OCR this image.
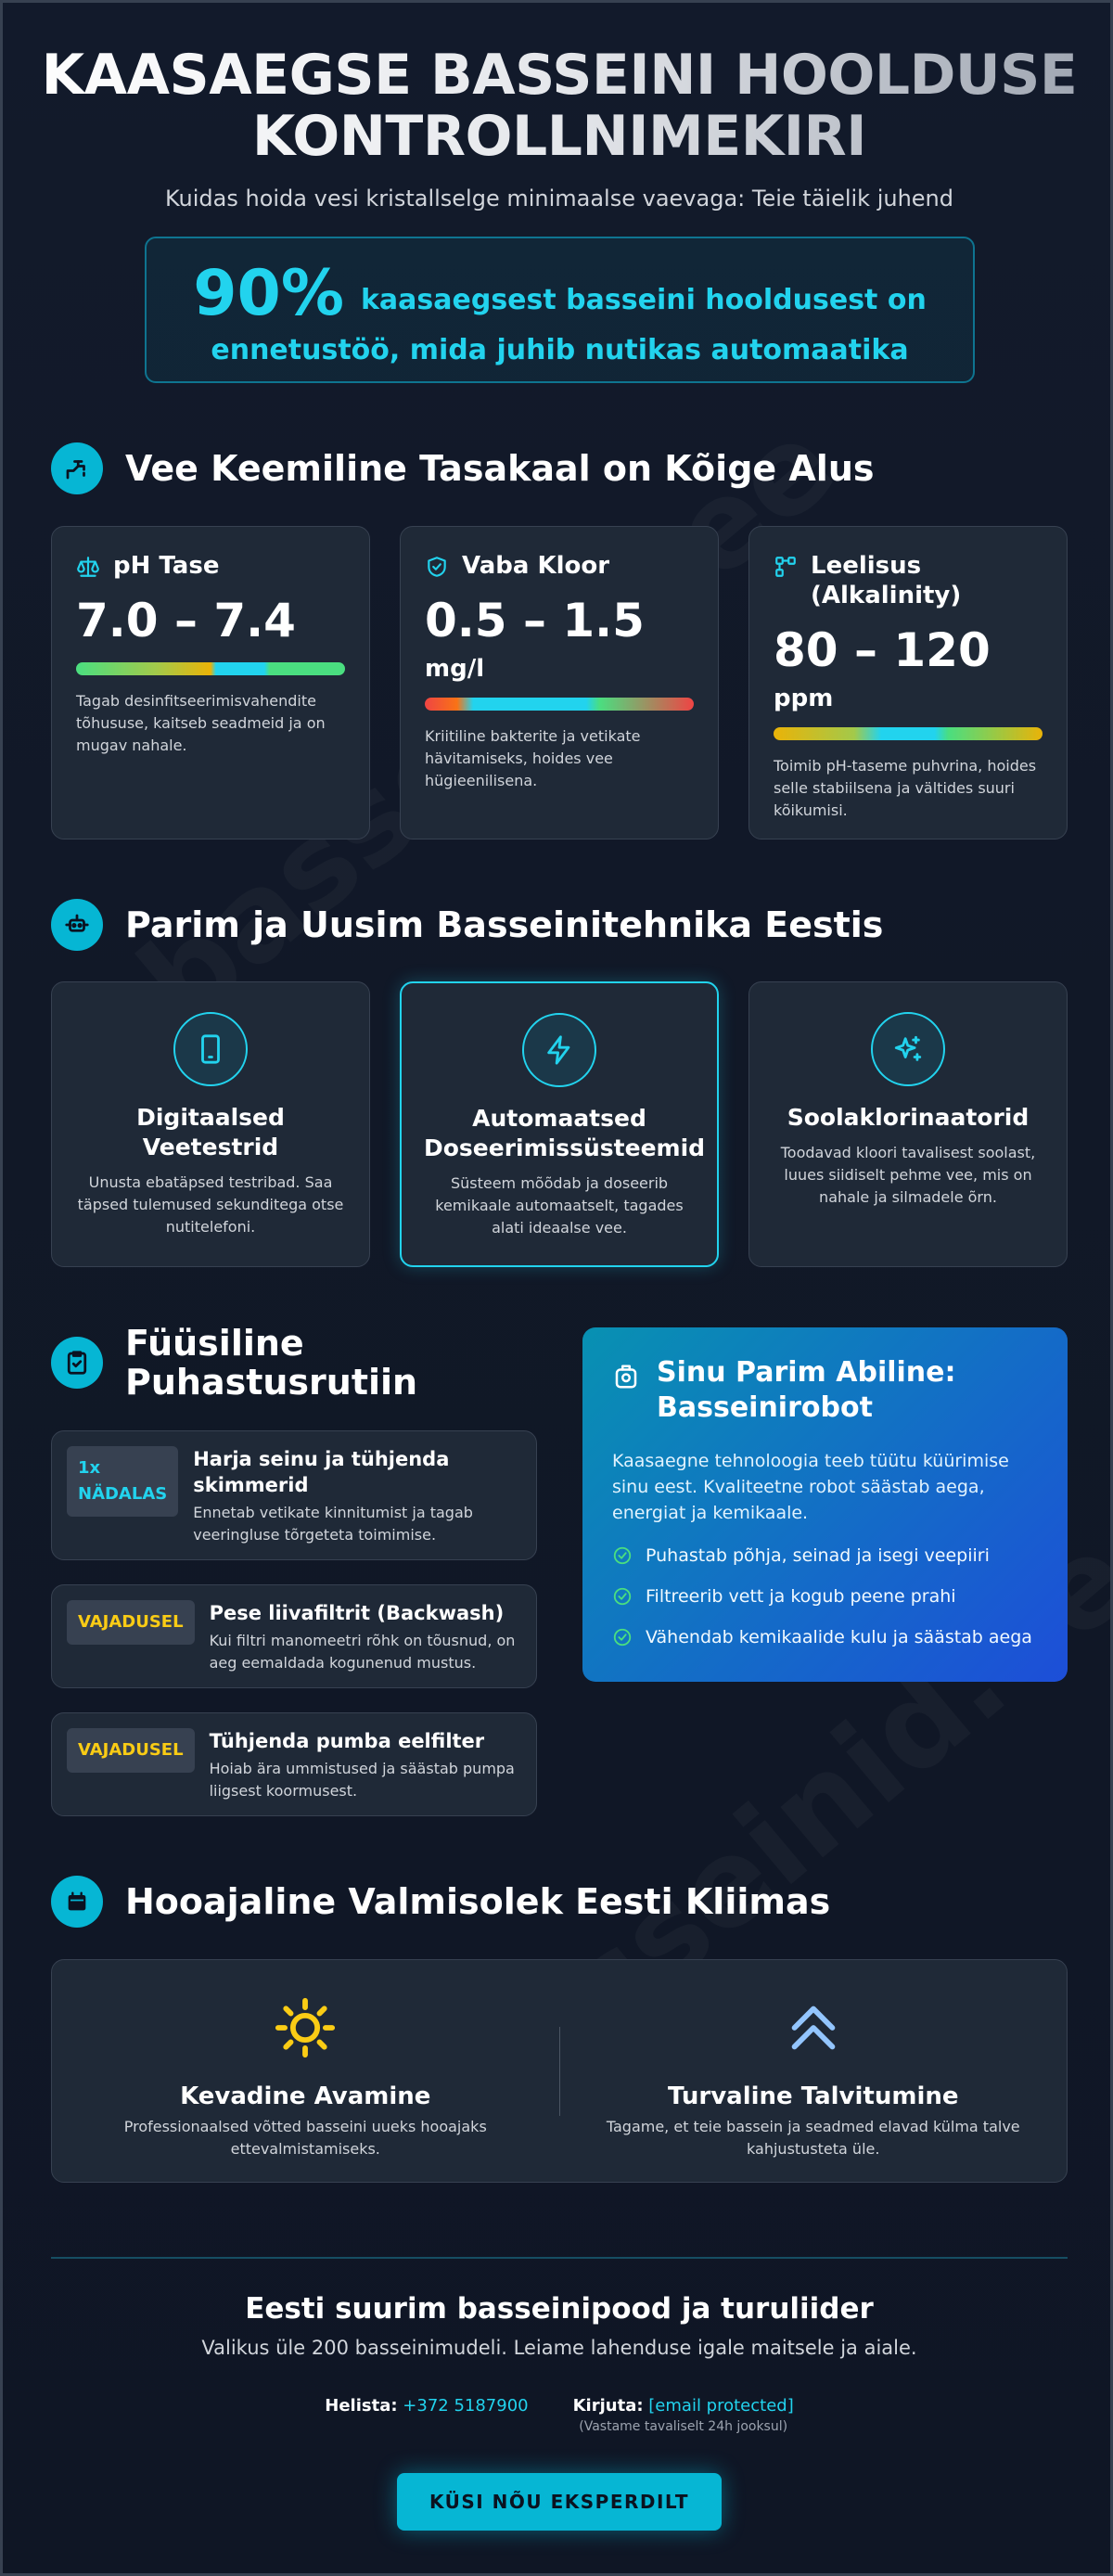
KAASAEGSE BASSEINI HOOLDUSE
KONTROLLNIMEKIRI
Kuidas hoida vesi kristallselge minimaalse vaevaga: Teie täielik juhend
90% kaasaegsest basseini hooldusest on
ennetustöö, mida juhib nutikas automaatika
Vee Keemiline Tasakaal on Kõige Alus
pH Tase
7.0 – 7.4
Tagab desinfitseerimisvahendite tõhususe, kaitseb seadmeid ja on mugav nahale.
Vaba Kloor
0.5 – 1.5
mg/l
Kriitiline bakterite ja vetikate hävitamiseks, hoides vee hügieenilisena.
Leelisus (Alkalinity)
80 – 120
ppm
Toimib pH-taseme puhvrina, hoides selle stabiilsena ja vältides suuri kõikumisi.
Parim ja Uusim Basseinitehnika Eestis
Digitaalsed Veetestrid
Unusta ebatäpsed testribad. Saa täpsed tulemused sekunditega otse nutitelefoni.
Automaatsed Doseerimissüsteemid
Süsteem mõõdab ja doseerib kemikaale automaatselt, tagades alati ideaalse vee.
Soolaklorinaatorid
Toodavad kloori tavalisest soolast, luues siidiselt pehme vee, mis on nahale ja silmadele õrn.
Füüsiline
Puhastusrutiin
1x
NÄDALAS
Harja seinu ja tühjenda skimmerid
Ennetab vetikate kinnitumist ja tagab veeringluse tõrgeteta toimimise.
VAJADUSEL	Pese liivafiltrit (Backwash)
Kui filtri manomeetri rõhk on tõusnud, on aeg eemaldada kogunenud mustus.
VAJADUSEL	Tühjenda pumba eelfilter
Hoiab ära ummistused ja säästab pumpa liigsest koormusest.
Sinu Parim Abiline:
Basseinirobot
Kaasaegne tehnoloogia teeb tüütu küürimise sinu eest. Kvaliteetne robot säästab aega, energiat ja kemikaale.
Puhastab põhja, seinad ja isegi veepiiri
Filtreerib vett ja kogub peene prahi
Vähendab kemikaalide kulu ja säästab aega
Hooajaline Valmisolek Eesti Kliimas
Kevadine Avamine
Professionaalsed võtted basseini uueks hooajaks ettevalmistamiseks.
Turvaline Talvitumine
Tagame, et teie bassein ja seadmed elavad külma talve kahjustusteta üle.
Eesti suurim basseinipood ja turuliider
Valikus üle 200 basseinimudeli. Leiame lahenduse igale maitsele ja aiale.
Helista: +372 5187900	Kirjuta: [email protected]
(Vastame tavaliselt 24h jooksul)
KÜSI NÕU EKSPERDILT
